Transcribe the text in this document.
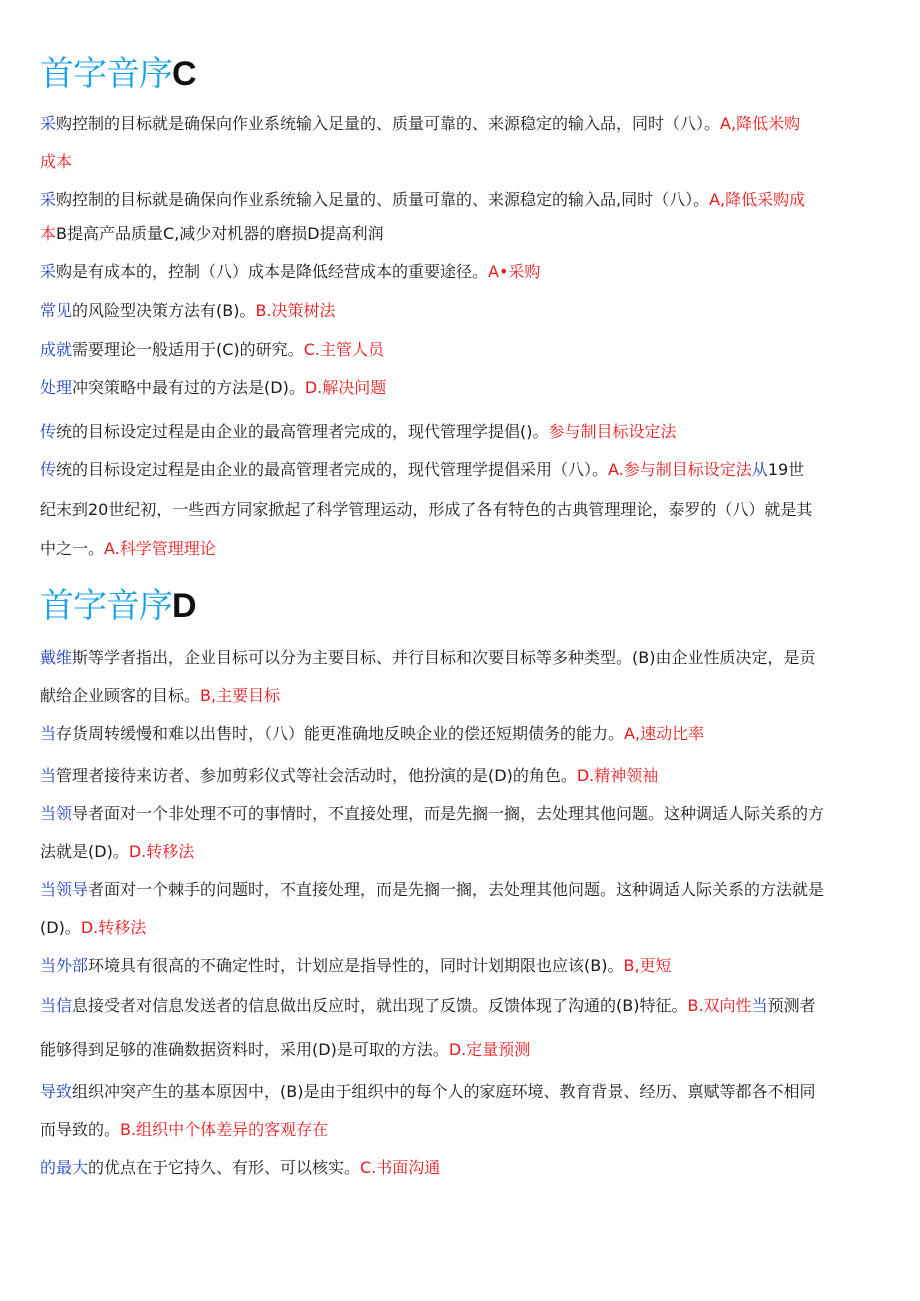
首字音序C
采购控制的目标就是确保向作业系统输入足量的、质量可靠的、来源稳定的输入品，同时（八）。A,降低米购
成本
采购控制的目标就是确保向作业系统输入足量的、质量可靠的、来源稳定的输入品,同时（八）。A,降低采购成
本B提高产品质量C,减少对机器的磨损D提高利润
采购是有成本的，控制（八）成本是降低经营成本的重要途径。A•采购
常见的风险型决策方法有(B)。B.决策树法
成就需要理论一般适用于(C)的研究。C.主管人员
处理冲突策略中最有过的方法是(D)。D.解决问题
传统的目标设定过程是由企业的最高管理者完成的，现代管理学提倡()。参与制目标设定法
传统的目标设定过程是由企业的最高管理者完成的，现代管理学提倡采用（八）。A.参与制目标设定法从19世
纪末到20世纪初，一些西方同家掀起了科学管理运动，形成了各有特色的古典管理理论，泰罗的（八）就是其
中之一。A.科学管理理论
首字音序D
戴维斯等学者指出，企业目标可以分为主要目标、并行目标和次要目标等多种类型。(B)由企业性质决定，是贡
献给企业顾客的目标。B,主要目标
当存货周转缓慢和难以出售时，（八）能更准确地反映企业的偿还短期债务的能力。A,速动比率
当管理者接待来访者、参加剪彩仪式等社会活动时，他扮演的是(D)的角色。D.精神领袖
当领导者面对一个非处理不可的事情时，不直接处理，而是先搁一搁，去处理其他问题。这种调适人际关系的方
法就是(D)。D.转移法
当领导者面对一个棘手的问题时，不直接处理，而是先搁一搁，去处理其他问题。这种调适人际关系的方法就是
(D)。D.转移法
当外部环境具有很高的不确定性时，计划应是指导性的，同时计划期限也应该(B)。B,更短
当信息接受者对信息发送者的信息做出反应时，就出现了反馈。反馈体现了沟通的(B)特征。B.双向性当预测者
能够得到足够的准确数据资料时，采用(D)是可取的方法。D.定量预测
导致组织冲突产生的基本原因中，(B)是由于组织中的每个人的家庭环境、教育背景、经历、禀赋等都各不相同
而导致的。B.组织中个体差异的客观存在
的最大的优点在于它持久、有形、可以核实。C.书面沟通
